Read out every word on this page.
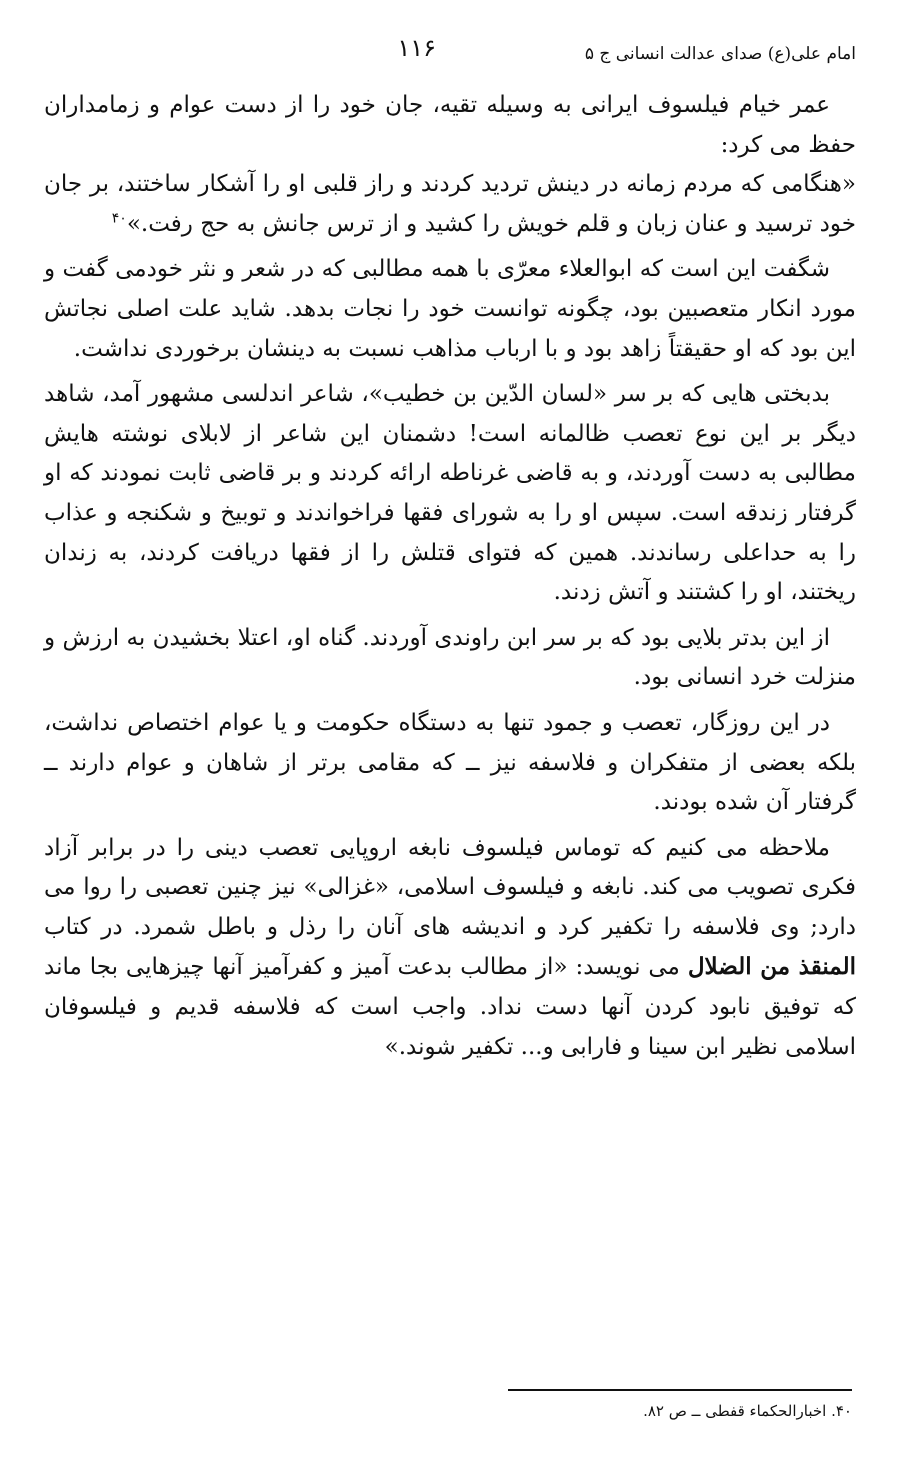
امام علی(ع) صدای عدالت انسانی ج ۵
۱۱۶

عمر خیام فیلسوف ایرانی به وسیله تقیه، جان خود را از دست عوام و زمامداران حفظ می کرد:

«هنگامی که مردم زمانه در دینش تردید کردند و راز قلبی او را آشکار ساختند، بر جان خود ترسید و عنان زبان و قلم خویش را کشید و از ترس جانش به حج رفت.»$^{۴۰}$

شگفت این است که ابوالعلاء معرّی با همه مطالبی که در شعر و نثر خودمی گفت و مورد انکار متعصبین بود، چگونه توانست خود را نجات بدهد. شاید علت اصلی نجاتش این بود که او حقیقتاً زاهد بود و با ارباب مذاهب نسبت به دینشان برخوردی نداشت.

بدبختی هایی که بر سر «لسان الدّین بن خطیب»، شاعر اندلسی مشهور آمد، شاهد دیگر بر این نوع تعصب ظالمانه است! دشمنان این شاعر از لابلای نوشته هایش مطالبی به دست آوردند، و به قاضی غرناطه ارائه کردند و بر قاضی ثابت نمودند که او گرفتار زندقه است. سپس او را به شورای فقها فراخواندند و توبیخ و شکنجه و عذاب را به حداعلی رساندند. همین که فتوای قتلش را از فقها دریافت کردند، به زندان ریختند، او را کشتند و آتش زدند.

از این بدتر بلایی بود که بر سر ابن راوندی آوردند. گناه او، اعتلا بخشیدن به ارزش و منزلت خرد انسانی بود.

در این روزگار، تعصب و جمود تنها به دستگاه حکومت و یا عوام اختصاص نداشت، بلکه بعضی از متفکران و فلاسفه نیز ــ که مقامی برتر از شاهان و عوام دارند ــ گرفتار آن شده بودند.

ملاحظه می کنیم که توماس فیلسوف نابغه اروپایی تعصب دینی را در برابر آزاد فکری تصویب می کند. نابغه و فیلسوف اسلامی، «غزالی» نیز چنین تعصبی را روا می دارد; وی فلاسفه را تکفیر کرد و اندیشه های آنان را رذل و باطل شمرد. در کتاب المنقذ من الضلال می نویسد: «از مطالب بدعت آمیز و کفرآمیز آنها چیزهایی بجا ماند که توفیق نابود کردن آنها دست نداد. واجب است که فلاسفه قدیم و فیلسوفان اسلامی نظیر ابن سینا و فارابی و... تکفیر شوند.»

۴۰. اخبارالحکماء قفطی ــ ص ۸۲.
